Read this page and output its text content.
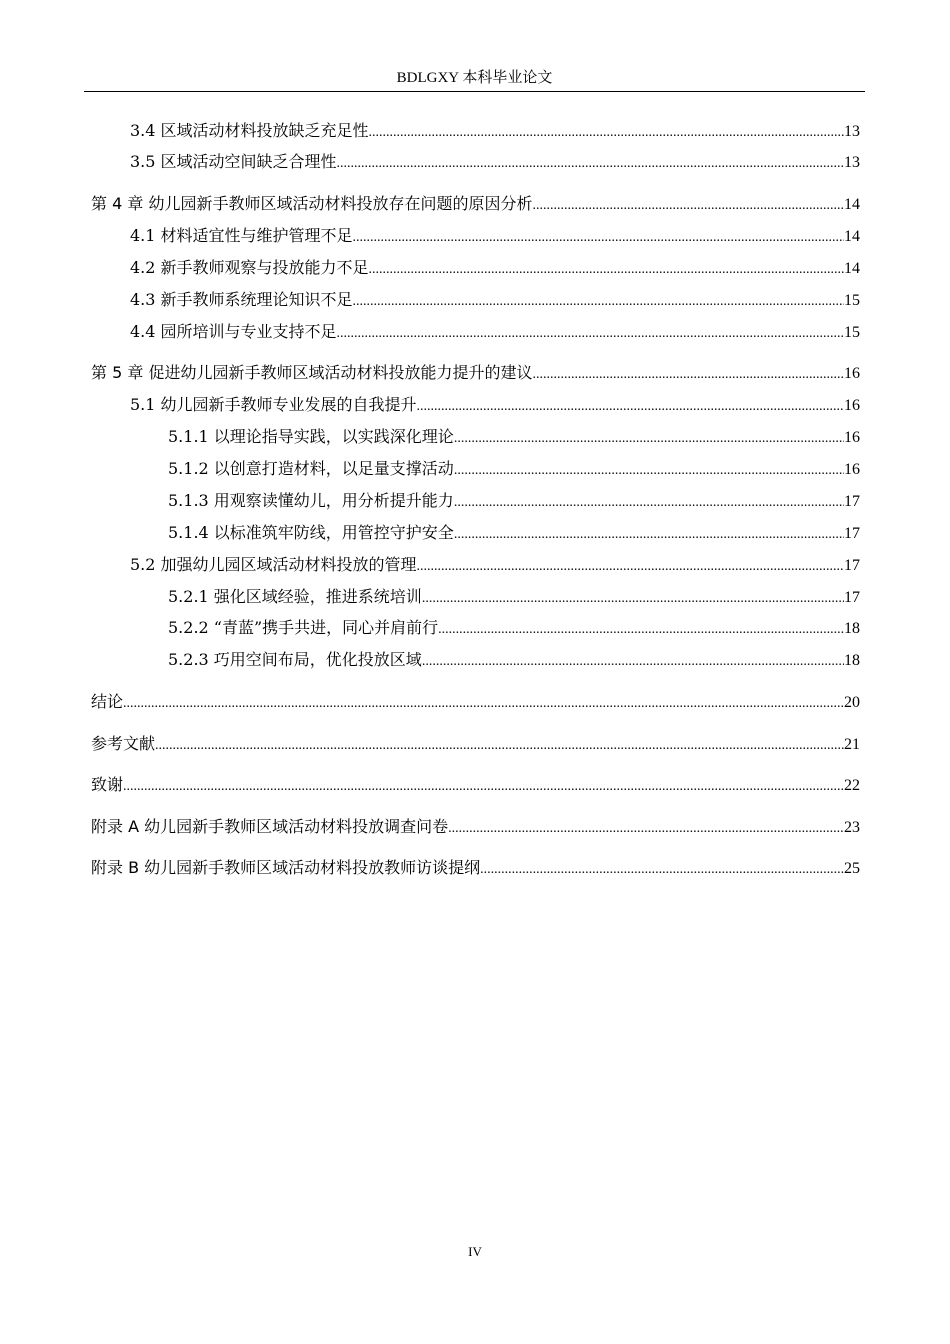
BDLGXY 本科毕业论文
3.4 区域活动材料投放缺乏充足性 .....	13
3.5 区域活动空间缺乏合理性 .....	13
第 4 章 幼儿园新手教师区域活动材料投放存在问题的原因分析 .....	14
4.1 材料适宜性与维护管理不足 .....	14
4.2 新手教师观察与投放能力不足 .....	14
4.3 新手教师系统理论知识不足 .....	15
4.4 园所培训与专业支持不足 .....	15
第 5 章 促进幼儿园新手教师区域活动材料投放能力提升的建议 .....	16
5.1 幼儿园新手教师专业发展的自我提升 .....	16
5.1.1 以理论指导实践，以实践深化理论 .....	16
5.1.2 以创意打造材料，以足量支撑活动 .....	16
5.1.3 用观察读懂幼儿，用分析提升能力 .....	17
5.1.4 以标准筑牢防线，用管控守护安全 .....	17
5.2 加强幼儿园区域活动材料投放的管理 .....	17
5.2.1 强化区域经验，推进系统培训 .....	17
5.2.2 “青蓝”携手共进，同心并肩前行 .....	18
5.2.3 巧用空间布局，优化投放区域 .....	18
结论 .....	20
参考文献 .....	21
致谢 .....	22
附录 A 幼儿园新手教师区域活动材料投放调查问卷 .....	23
附录 B 幼儿园新手教师区域活动材料投放教师访谈提纲 .....	25
IV
